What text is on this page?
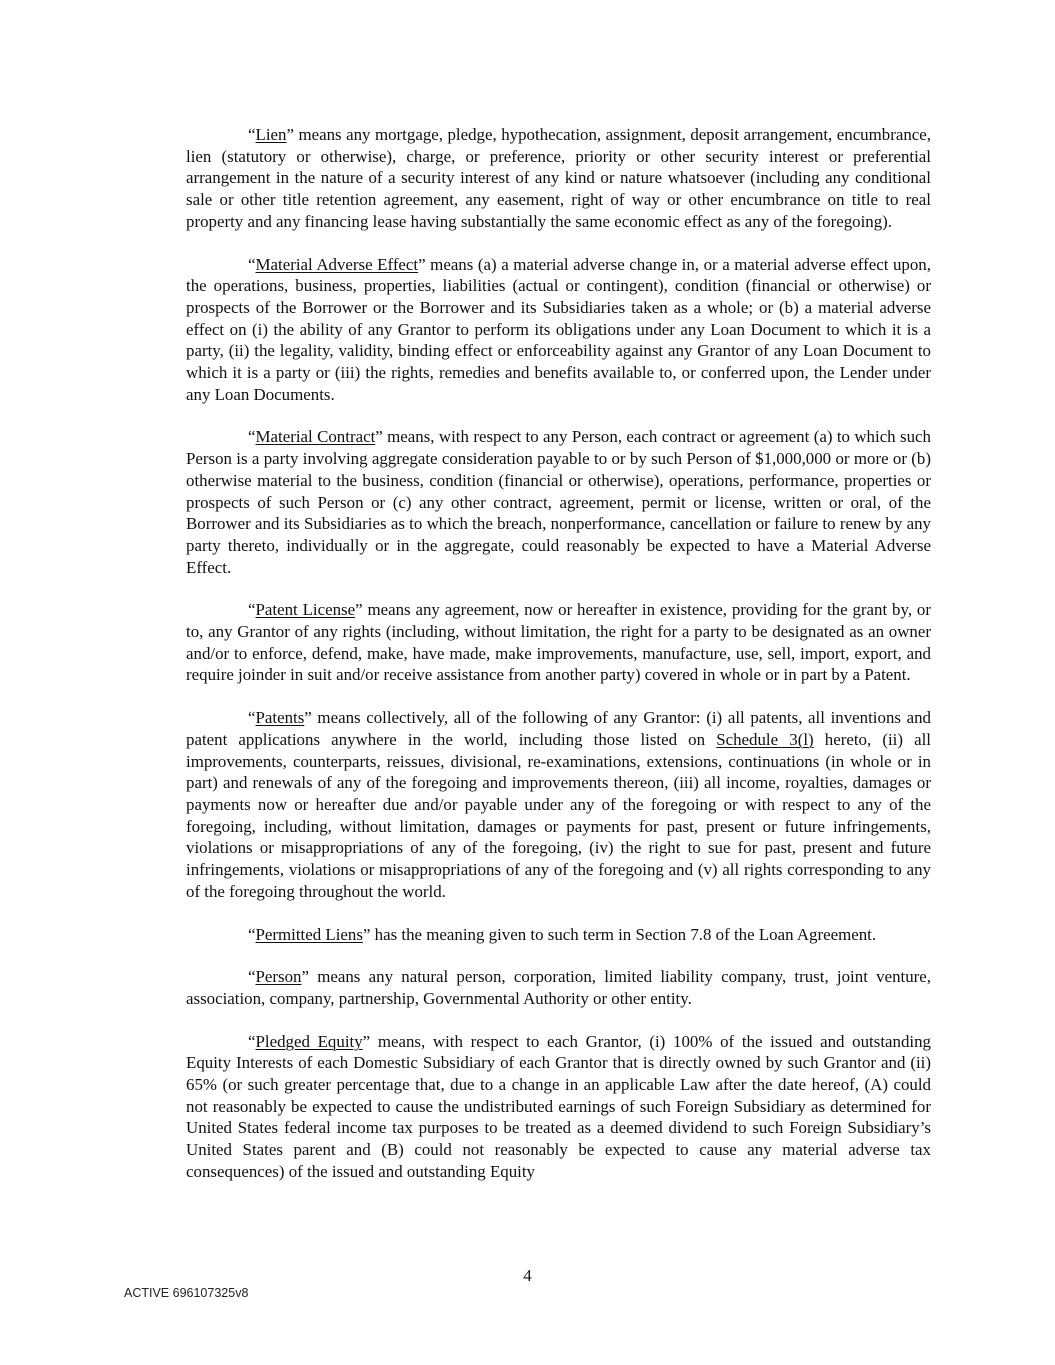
“Lien” means any mortgage, pledge, hypothecation, assignment, deposit arrangement, encumbrance, lien (statutory or otherwise), charge, or preference, priority or other security interest or preferential arrangement in the nature of a security interest of any kind or nature whatsoever (including any conditional sale or other title retention agreement, any easement, right of way or other encumbrance on title to real property and any financing lease having substantially the same economic effect as any of the foregoing).

“Material Adverse Effect” means (a) a material adverse change in, or a material adverse effect upon, the operations, business, properties, liabilities (actual or contingent), condition (financial or otherwise) or prospects of the Borrower or the Borrower and its Subsidiaries taken as a whole; or (b) a material adverse effect on (i) the ability of any Grantor to perform its obligations under any Loan Document to which it is a party, (ii) the legality, validity, binding effect or enforceability against any Grantor of any Loan Document to which it is a party or (iii) the rights, remedies and benefits available to, or conferred upon, the Lender under any Loan Documents.

“Material Contract” means, with respect to any Person, each contract or agreement (a) to which such Person is a party involving aggregate consideration payable to or by such Person of $1,000,000 or more or (b) otherwise material to the business, condition (financial or otherwise), operations, performance, properties or prospects of such Person or (c) any other contract, agreement, permit or license, written or oral, of the Borrower and its Subsidiaries as to which the breach, nonperformance, cancellation or failure to renew by any party thereto, individually or in the aggregate, could reasonably be expected to have a Material Adverse Effect.

“Patent License” means any agreement, now or hereafter in existence, providing for the grant by, or to, any Grantor of any rights (including, without limitation, the right for a party to be designated as an owner and/or to enforce, defend, make, have made, make improvements, manufacture, use, sell, import, export, and require joinder in suit and/or receive assistance from another party) covered in whole or in part by a Patent.

“Patents” means collectively, all of the following of any Grantor: (i) all patents, all inventions and patent applications anywhere in the world, including those listed on Schedule 3(l) hereto, (ii) all improvements, counterparts, reissues, divisional, re-examinations, extensions, continuations (in whole or in part) and renewals of any of the foregoing and improvements thereon, (iii) all income, royalties, damages or payments now or hereafter due and/or payable under any of the foregoing or with respect to any of the foregoing, including, without limitation, damages or payments for past, present or future infringements, violations or misappropriations of any of the foregoing, (iv) the right to sue for past, present and future infringements, violations or misappropriations of any of the foregoing and (v) all rights corresponding to any of the foregoing throughout the world.

“Permitted Liens” has the meaning given to such term in Section 7.8 of the Loan Agreement.

“Person” means any natural person, corporation, limited liability company, trust, joint venture, association, company, partnership, Governmental Authority or other entity.

“Pledged Equity” means, with respect to each Grantor, (i) 100% of the issued and outstanding Equity Interests of each Domestic Subsidiary of each Grantor that is directly owned by such Grantor and (ii) 65% (or such greater percentage that, due to a change in an applicable Law after the date hereof, (A) could not reasonably be expected to cause the undistributed earnings of such Foreign Subsidiary as determined for United States federal income tax purposes to be treated as a deemed dividend to such Foreign Subsidiary’s United States parent and (B) could not reasonably be expected to cause any material adverse tax consequences) of the issued and outstanding Equity

4
ACTIVE 696107325v8
